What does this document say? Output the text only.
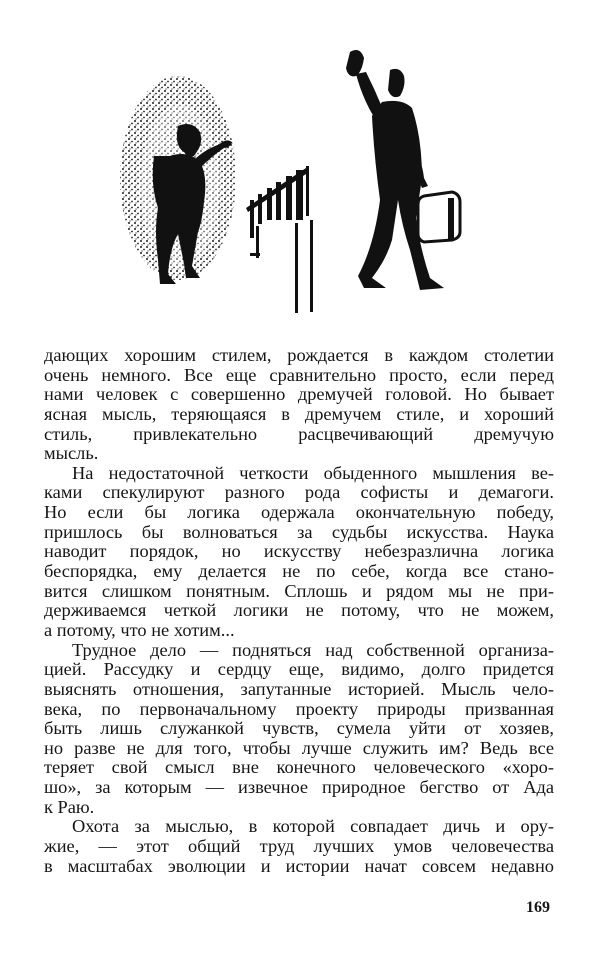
дающих хорошим стилем, рождается в каждом столетии
очень немного. Все еще сравнительно просто, если перед
нами человек с совершенно дремучей головой. Но бывает
ясная мысль, теряющаяся в дремучем стиле, и хороший
стиль, привлекательно расцвечивающий дремучую
мысль.

На недостаточной четкости обыденного мышления ве-
ками спекулируют разного рода софисты и демагоги.
Но если бы логика одержала окончательную победу,
пришлось бы волноваться за судьбы искусства. Наука
наводит порядок, но искусству небезразлична логика
беспорядка, ему делается не по себе, когда все стано-
вится слишком понятным. Сплошь и рядом мы не при-
держиваемся четкой логики не потому, что не можем,
а потому, что не хотим...

Трудное дело — подняться над собственной организа-
цией. Рассудку и сердцу еще, видимо, долго придется
выяснять отношения, запутанные историей. Мысль чело-
века, по первоначальному проекту природы призванная
быть лишь служанкой чувств, сумела уйти от хозяев,
но разве не для того, чтобы лучше служить им? Ведь все
теряет свой смысл вне конечного человеческого «хоро-
шо», за которым — извечное природное бегство от Ада
к Раю.

Охота за мыслью, в которой совпадает дичь и ору-
жие, — этот общий труд лучших умов человечества
в масштабах эволюции и истории начат совсем недавно

169
